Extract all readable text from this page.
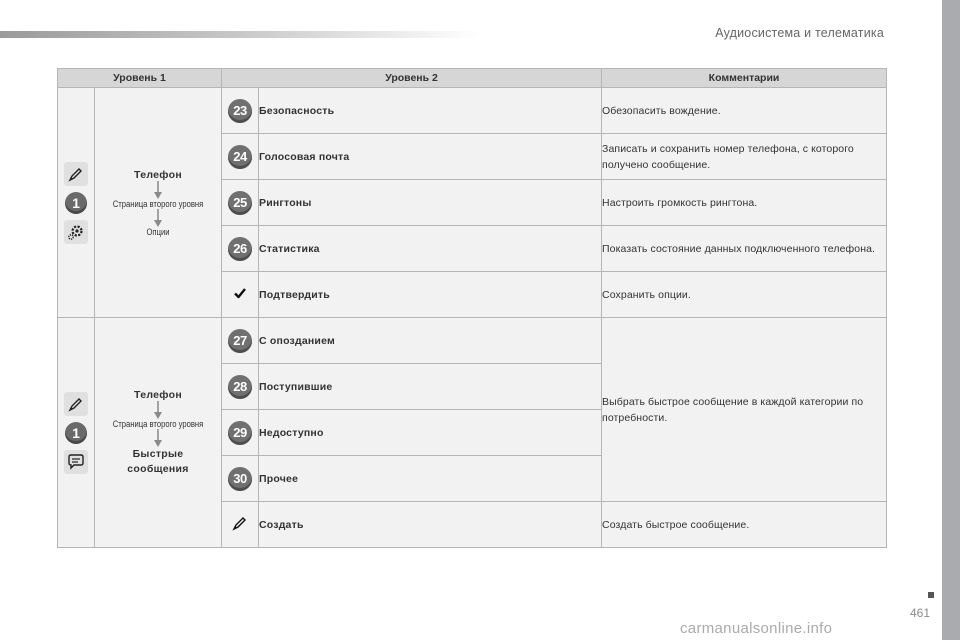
Аудиосистема и телематика
Уровень 1		Уровень 2		Комментарии

1	Телефон
Страница второго уровня
Опции	23	Безопасность	Обезопасить вождение.
		24	Голосовая почта	Записать и сохранить номер телефона, с которого получено сообщение.
		25	Рингтоны	Настроить громкость рингтона.
		26	Статистика	Показать состояние данных подключенного телефона.
	Подтвердить	Сохранить опции.

1	Телефон
Страница второго уровня
Быстрые сообщения	27	С опозданием	Выбрать быстрое сообщение в каждой категории по потребности.
		28	Поступившие	
		29	Недоступно	
		30	Прочее	
	Создать	Создать быстрое сообщение.
461
carmanualsonline.info
